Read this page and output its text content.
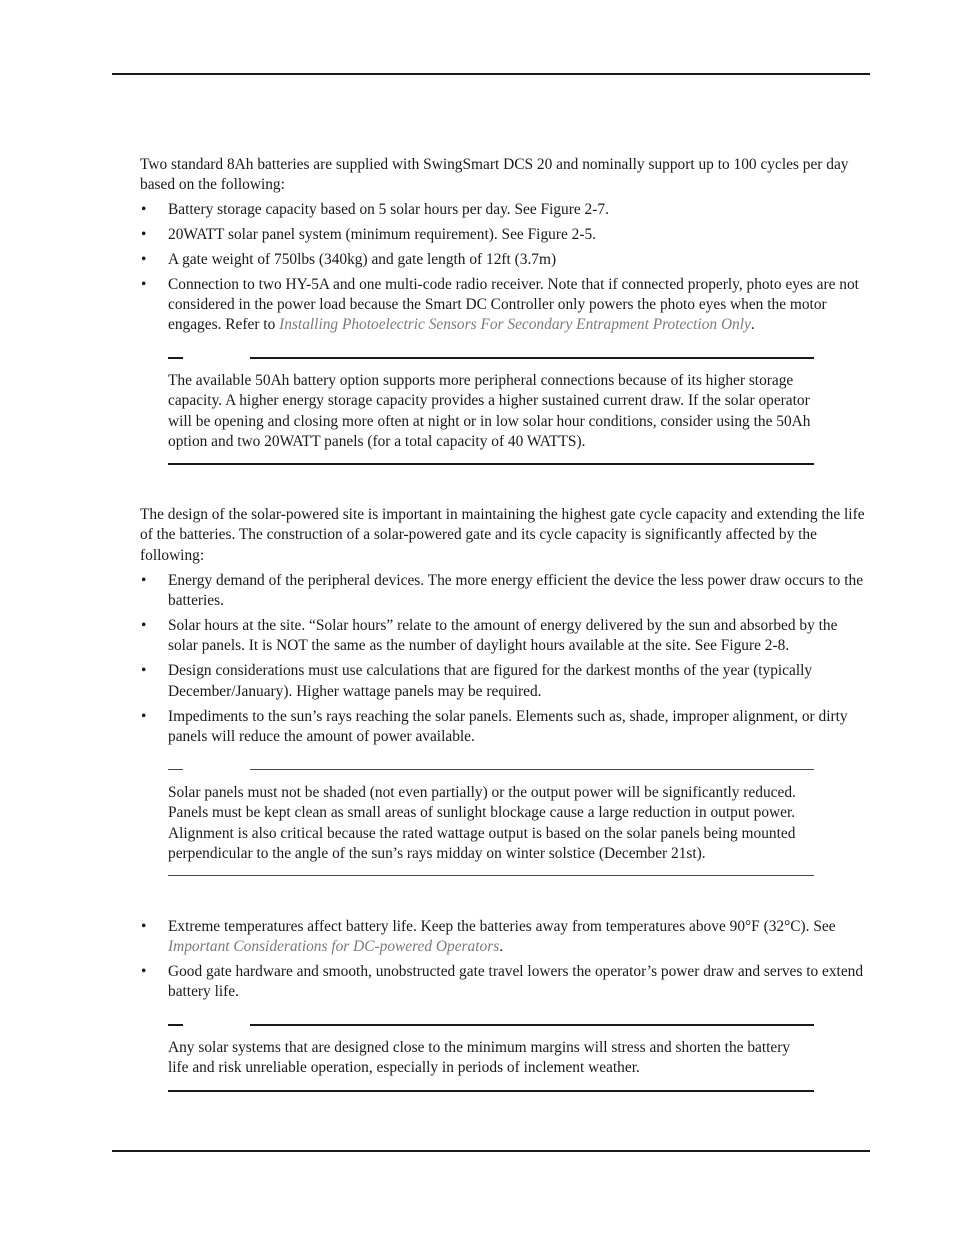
Two standard 8Ah batteries are supplied with SwingSmart DCS 20 and nominally support up to 100 cycles per day based on the following:

• Battery storage capacity based on 5 solar hours per day. See Figure 2-7.
• 20WATT solar panel system (minimum requirement). See Figure 2-5.
• A gate weight of 750lbs (340kg) and gate length of 12ft (3.7m)
• Connection to two HY-5A and one multi-code radio receiver. Note that if connected properly, photo eyes are not considered in the power load because the Smart DC Controller only powers the photo eyes when the motor engages. Refer to Installing Photoelectric Sensors For Secondary Entrapment Protection Only.

The available 50Ah battery option supports more peripheral connections because of its higher storage capacity. A higher energy storage capacity provides a higher sustained current draw. If the solar operator will be opening and closing more often at night or in low solar hour conditions, consider using the 50Ah option and two 20WATT panels (for a total capacity of 40 WATTS).

The design of the solar-powered site is important in maintaining the highest gate cycle capacity and extending the life of the batteries. The construction of a solar-powered gate and its cycle capacity is significantly affected by the following:

• Energy demand of the peripheral devices. The more energy efficient the device the less power draw occurs to the batteries.
• Solar hours at the site. “Solar hours” relate to the amount of energy delivered by the sun and absorbed by the solar panels. It is NOT the same as the number of daylight hours available at the site. See Figure 2-8.
• Design considerations must use calculations that are figured for the darkest months of the year (typically December/January). Higher wattage panels may be required.
• Impediments to the sun’s rays reaching the solar panels. Elements such as, shade, improper alignment, or dirty panels will reduce the amount of power available.

Solar panels must not be shaded (not even partially) or the output power will be significantly reduced. Panels must be kept clean as small areas of sunlight blockage cause a large reduction in output power. Alignment is also critical because the rated wattage output is based on the solar panels being mounted perpendicular to the angle of the sun’s rays midday on winter solstice (December 21st).

• Extreme temperatures affect battery life. Keep the batteries away from temperatures above 90°F (32°C). See Important Considerations for DC-powered Operators.
• Good gate hardware and smooth, unobstructed gate travel lowers the operator’s power draw and serves to extend battery life.

Any solar systems that are designed close to the minimum margins will stress and shorten the battery life and risk unreliable operation, especially in periods of inclement weather.
